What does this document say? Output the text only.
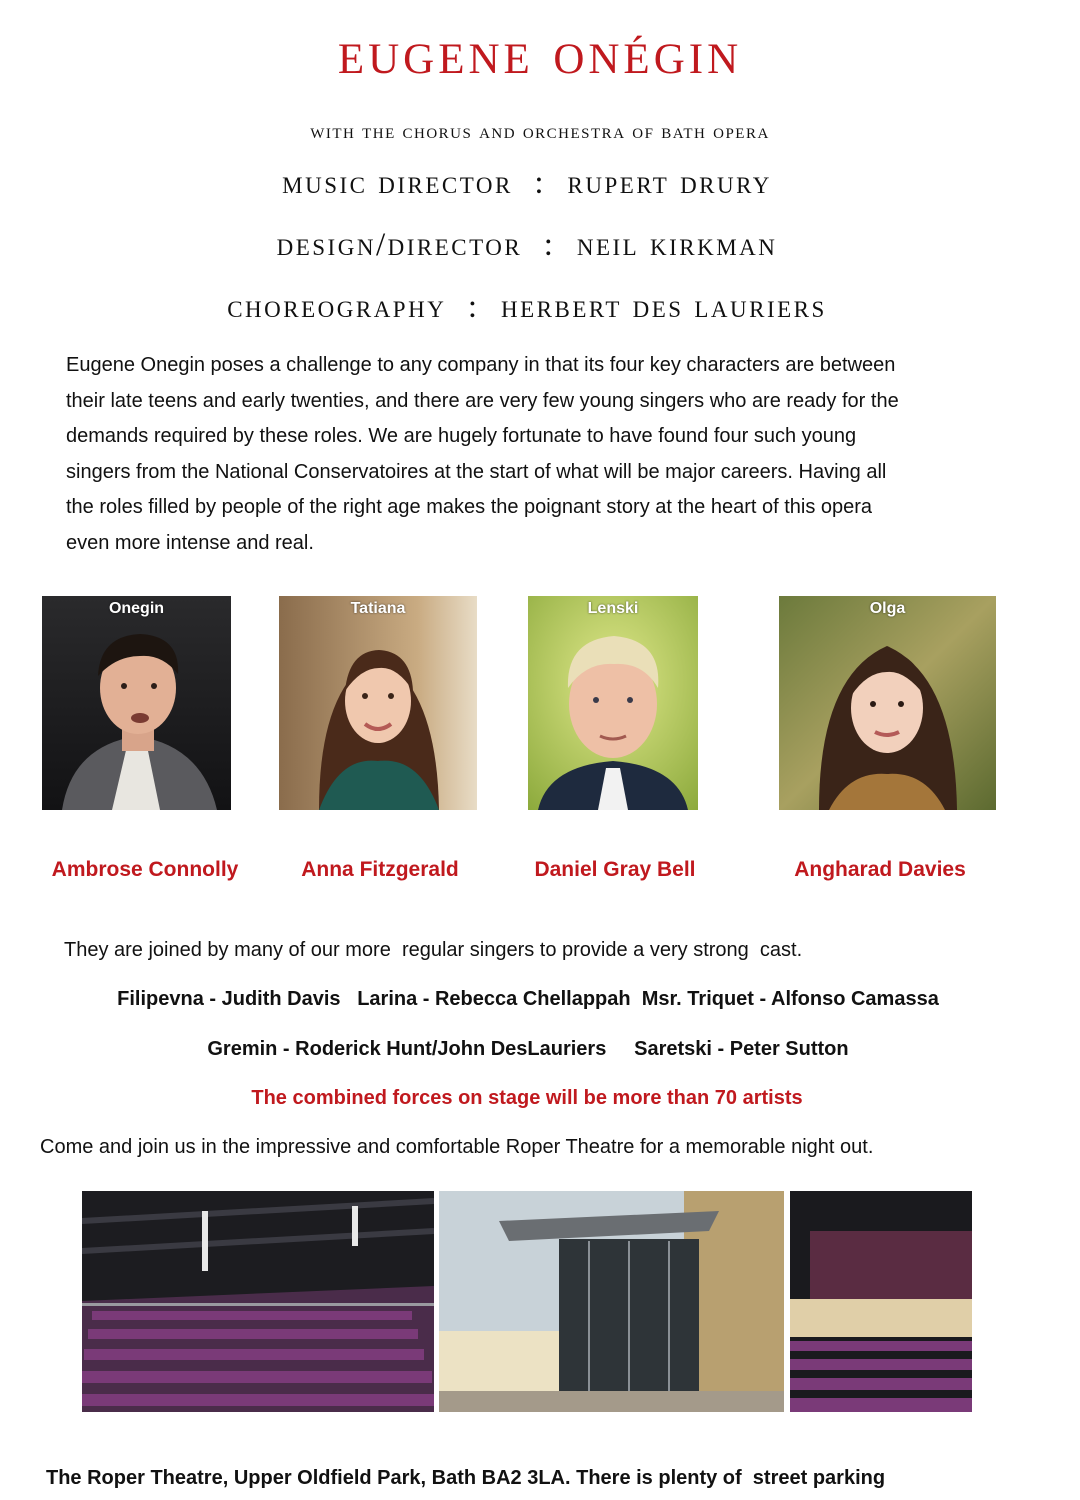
eugene onégin
with the chorus and orchestra of bath opera
music director  :  rupert drury
design/director  :  neil kirkman
choreography  :  herbert des lauriers
Eugene Onegin poses a challenge to any company in that its four key characters are between
their late teens and early twenties, and there are very few young singers who are ready for the
demands required by these roles. We are hugely fortunate to have found four such young
singers from the National Conservatoires at the start of what will be major careers. Having all
the roles filled by people of the right age makes the poignant story at the heart of this opera
even more intense and real.
Onegin	Tatiana	Lenski	Olga
Ambrose Connolly	Anna Fitzgerald	Daniel Gray Bell	Angharad Davies
They are joined by many of our more  regular singers to provide a very strong  cast.
Filipevna - Judith Davis   Larina - Rebecca Chellappah  Msr. Triquet - Alfonso Camassa
Gremin - Roderick Hunt/John DesLauriers     Saretski - Peter Sutton
The combined forces on stage will be more than 70 artists
Come and join us in the impressive and comfortable Roper Theatre for a memorable night out.
The Roper Theatre, Upper Oldfield Park, Bath BA2 3LA. There is plenty of  street parking
